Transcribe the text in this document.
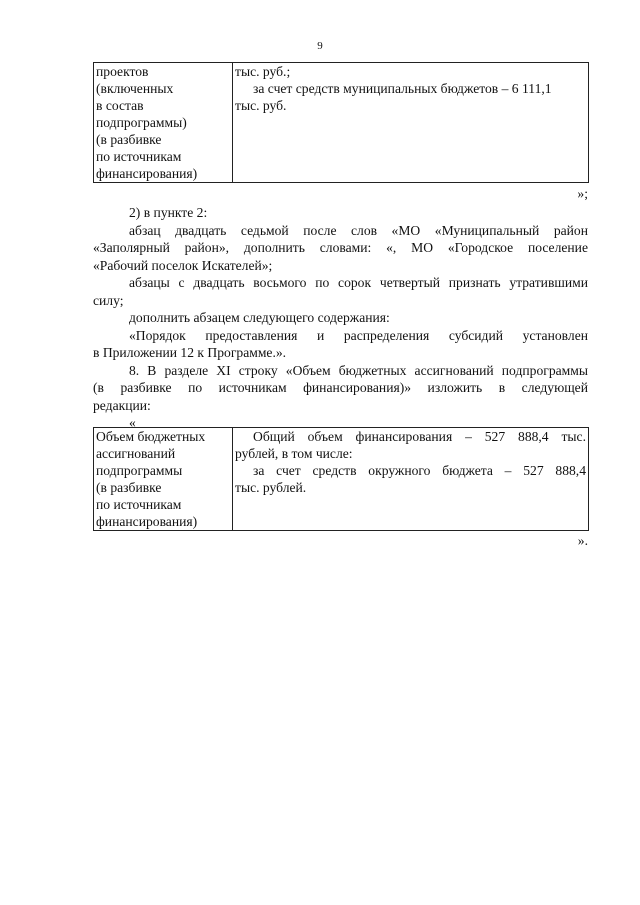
9
проектов
(включенных
в состав
подпрограммы)
(в разбивке
по источникам
финансирования)

тыс. руб.;
за счет средств муниципальных бюджетов – 6 111,1
тыс. руб.
»;
2) в пункте 2:
абзац двадцать седьмой после слов «МО «Муниципальный район
«Заполярный район», дополнить словами: «, МО «Городское поселение
«Рабочий поселок Искателей»;
абзацы с двадцать восьмого по сорок четвертый признать утратившими
силу;
дополнить абзацем следующего содержания:
«Порядок предоставления и распределения субсидий установлен
в Приложении 12 к Программе.».
8. В разделе XI строку «Объем бюджетных ассигнований подпрограммы
(в разбивке по источникам финансирования)» изложить в следующей
редакции:
«
Объем бюджетных
ассигнований
подпрограммы
(в разбивке
по источникам
финансирования)

Общий объем финансирования – 527 888,4 тыс.
рублей, в том числе:
за счет средств окружного бюджета – 527 888,4
тыс. рублей.
».
